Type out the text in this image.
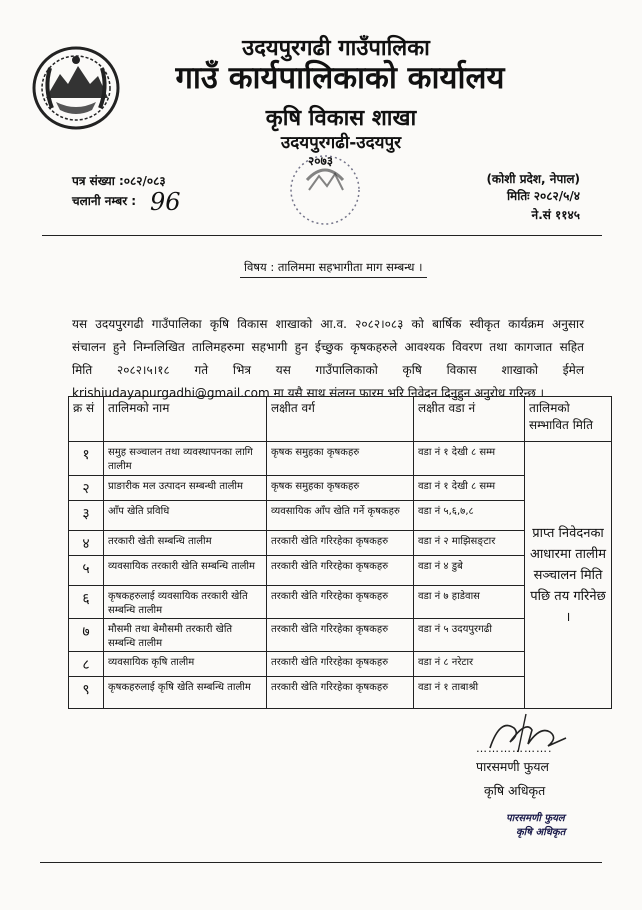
उदयपुरगढी गाउँपालिका
गाउँ कार्यपालिकाको कार्यालय
कृषि विकास शाखा
उदयपुरगढी-उदयपुर
२०७३
पत्र संख्या :०८२/०८३
चलानी नम्बर : 96
(कोशी प्रदेश, नेपाल)
मितिः २०८२/५/४
ने.सं ११४५
विषय : तालिममा सहभागीता माग सम्बन्ध ।
यस उदयपुरगढी गाउँपालिका कृषि विकास शाखाको आ.व. २०८२।०८३ को बार्षिक स्वीकृत कार्यक्रम अनुसार
संचालन हुने निम्नलिखित तालिमहरुमा सहभागी हुन ईच्छुक कृषकहरुले आवश्यक विवरण तथा कागजात सहित
मिति २०८२।५।१८ गते भित्र यस गाउँपालिकाको कृषि विकास शाखाको ईमेल
krishiudayapurgadhi@gmail.com मा यसै साथ संलग्न फारम भरि निवेदन दिनुहुन अनुरोध गरिन्छ ।
क्र सं	तालिमको नाम	लक्षीत वर्ग	लक्षीत वडा नं	तालिमको सम्भावित मिति
१	समुह सञ्चालन तथा व्यवस्थापनका लागि तालीम	कृषक समुहका कृषकहरु	वडा नं १ देखी ८ सम्म	प्राप्त निवेदनका आधारमा तालीम सञ्चालन मिति पछि तय गरिनेछ ।
२	प्राङारीक मल उत्पादन सम्बन्धी तालीम	कृषक समुहका कृषकहरु	वडा नं १ देखी ८ सम्म	
३	आँप खेति प्रविधि	व्यवसायिक आँप खेति गर्ने कृषकहरु	वडा नं ५,६,७,८	
४	तरकारी खेती सम्बन्धि तालीम	तरकारी खेति गरिरहेका कृषकहरु	वडा नं २ माझिसङ्टार	
५	व्यवसायिक तरकारी खेति सम्बन्धि तालीम	तरकारी खेति गरिरहेका कृषकहरु	वडा नं ४ डुबे	
६	कृषकहरुलाई व्यवसायिक तरकारी खेति सम्बन्धि तालीम	तरकारी खेति गरिरहेका कृषकहरु	वडा नं ७ हाडेवास	
७	मौसमी तथा बेमौसमी तरकारी खेति सम्बन्धि तालीम	तरकारी खेति गरिरहेका कृषकहरु	वडा नं ५ उदयपुरगढी	
८	व्यवसायिक कृषि तालीम	तरकारी खेति गरिरहेका कृषकहरु	वडा नं ८ नरेटार	
९	कृषकहरुलाई कृषि खेति सम्बन्धि तालीम	तरकारी खेति गरिरहेका कृषकहरु	वडा नं १ ताबाश्री	
……………….
पारसमणी फुयल
कृषि अधिकृत
पारसमणी फुयल
कृषि अधिकृत
